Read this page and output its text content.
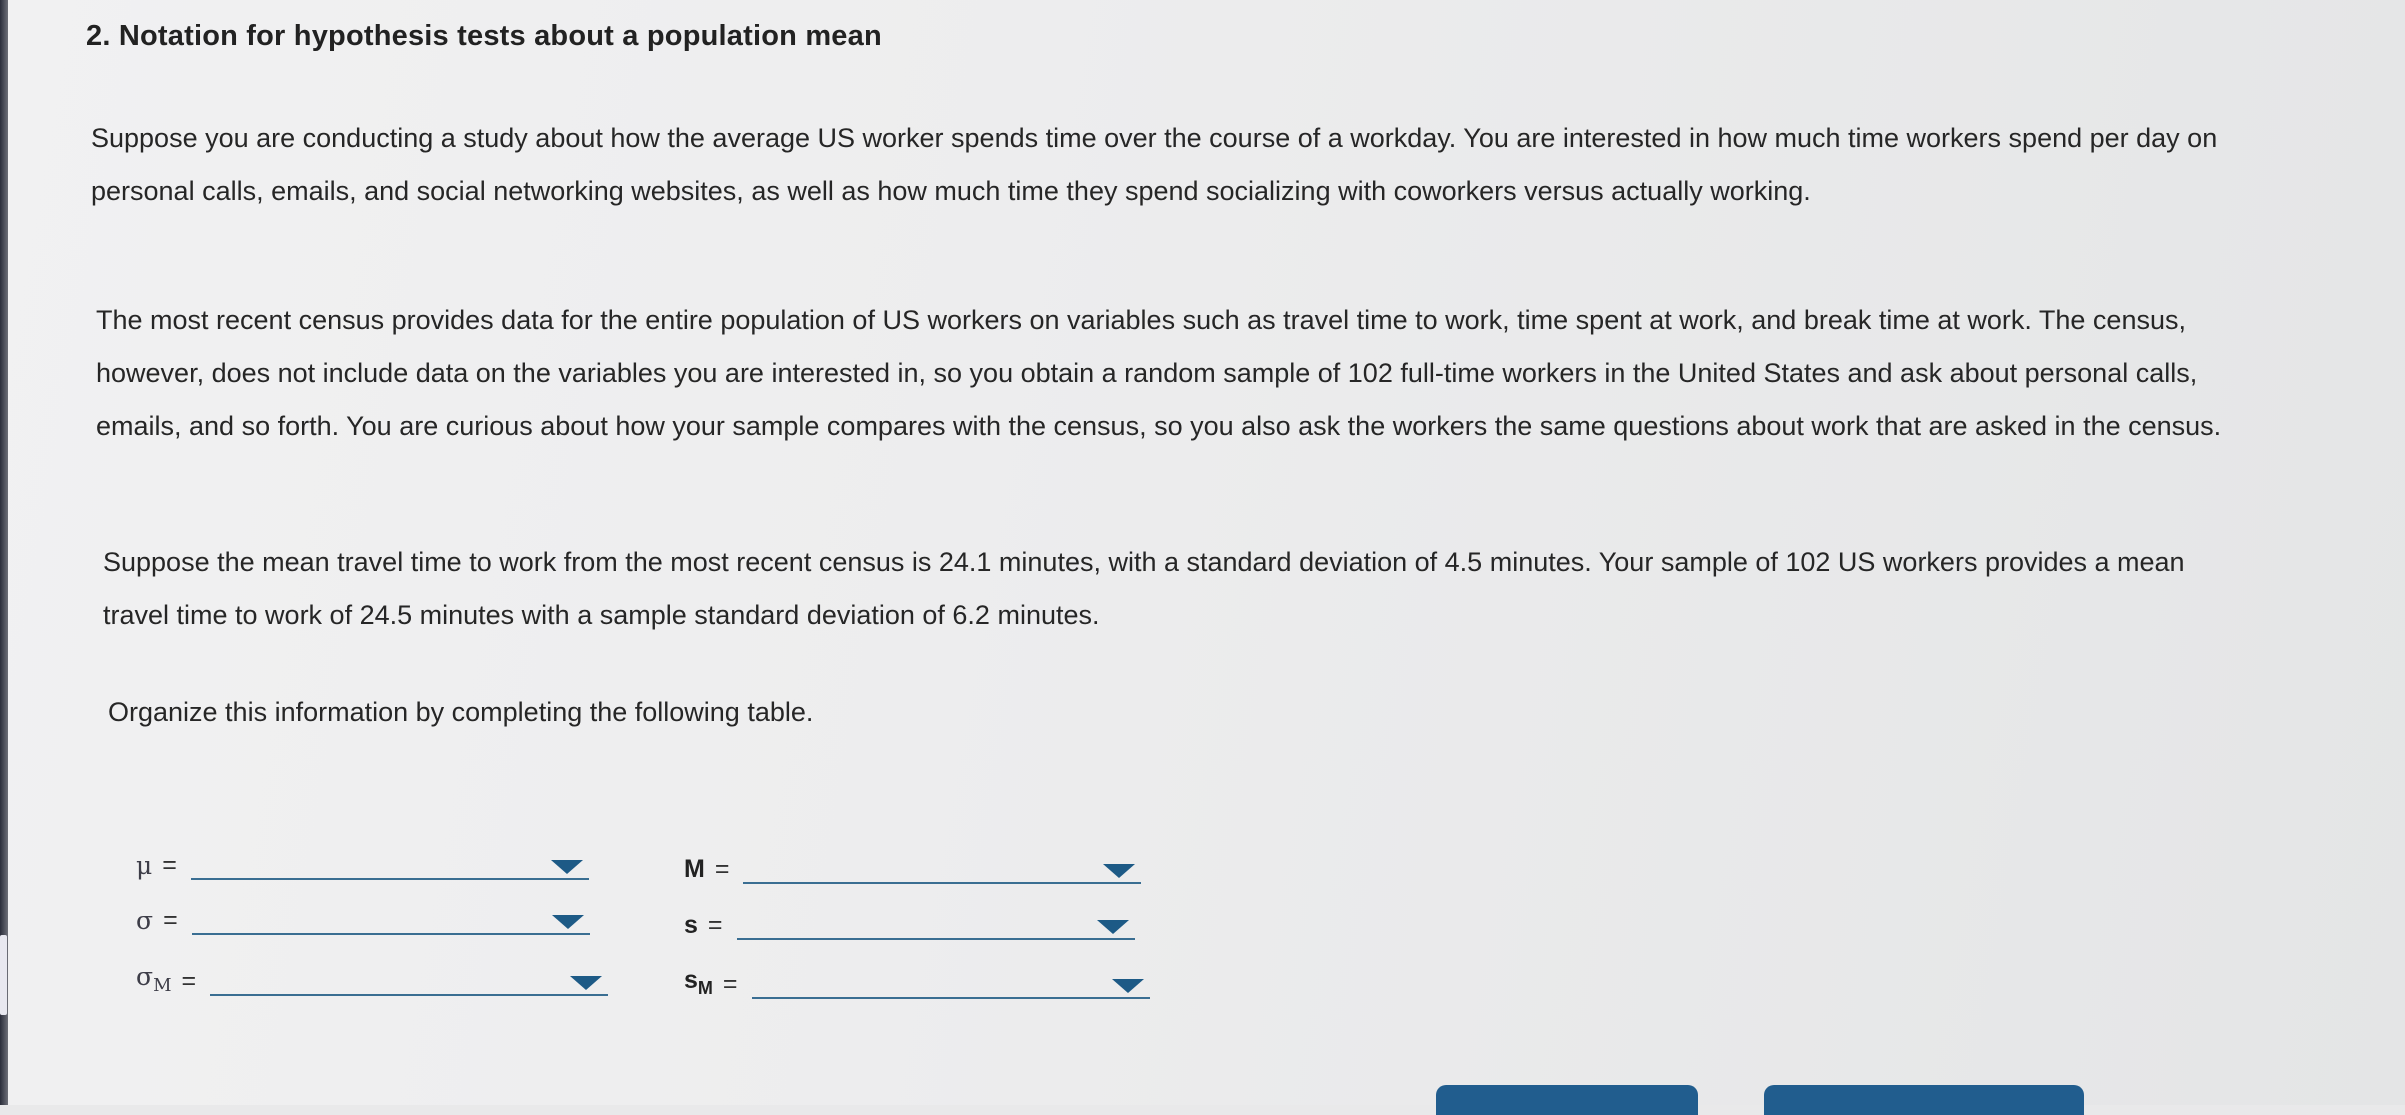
2. Notation for hypothesis tests about a population mean

Suppose you are conducting a study about how the average US worker spends time over the course of a workday. You are interested in how much time workers spend per day on personal calls, emails, and social networking websites, as well as how much time they spend socializing with coworkers versus actually working.

The most recent census provides data for the entire population of US workers on variables such as travel time to work, time spent at work, and break time at work. The census, however, does not include data on the variables you are interested in, so you obtain a random sample of 102 full-time workers in the United States and ask about personal calls, emails, and so forth. You are curious about how your sample compares with the census, so you also ask the workers the same questions about work that are asked in the census.

Suppose the mean travel time to work from the most recent census is 24.1 minutes, with a standard deviation of 4.5 minutes. Your sample of 102 US workers provides a mean travel time to work of 24.5 minutes with a sample standard deviation of 6.2 minutes.

Organize this information by completing the following table.

μ =	M =
σ =	s =
$\sigma_M$ =	$s_M$ =
